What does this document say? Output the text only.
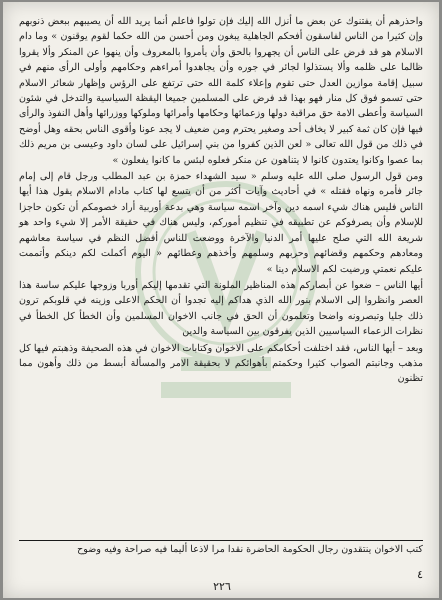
واحذرهم أن يفتنوك عن بعض ما أنزل الله إليك فإن تولوا فاعلم أنما يريد الله أن يصيبهم ببعض ذنوبهم وإن كثيرا من الناس لفاسقون أفحكم الجاهلية يبغون ومن أحسن من الله حكما لقوم يوقنون » وما دام الاسلام هو قد فرض على الناس أن يجهروا بالحق وأن يأمروا بالمعروف وأن ينهوا عن المنكر وألا يقروا ظالما على ظلمه وألا يستذلوا لجائر في جوره وأن يجاهدوا أمراءهم وحكامهم وأولى الرأى منهم في سبيل إقامة موازين العدل حتى تقوم وإعلاء كلمة الله حتى ترتفع على الرؤس وإظهار شعائر الاسلام حتى تسمو فوق كل منار فهو بهذا قد فرض على المسلمين جميعا اليقظة السياسية والتدخل في شئون السياسة وأعطى الامة حق مراقبة دولها وزعمائها وحكامها وأمرائها وملوكها ووزرائها وأهل النفوذ والرأى فيها فإن كان ثمة كبير لا يخاف أحد وصغير يحترم ومن ضعيف لا يجد عونا وأقوى الناس بحقه وهل أوضح في ذلك من قول الله تعالى « لعن الذين كفروا من بني إسرائيل على لسان داود وعيسى بن مريم ذلك بما عصوا وكانوا يعتدون كانوا لا يتناهون عن منكر فعلوه لبئس ما كانوا يفعلون »

ومن قول الرسول صلى الله عليه وسلم « سيد الشهداء حمزة بن عبد المطلب ورجل قام إلى إمام جائر فأمره ونهاه فقتله » في أحاديث وآيات أكثر من أن يتسع لها كتاب مادام الاسلام يقول هذا أيها الناس فليس هناك شيء اسمه دين وآخر اسمه سياسة وهي بدعة أوربية أراد خصومكم أن تكون حاجزا للإسلام وأن يصرفوكم عن تطبيقه في تنظيم أموركم، وليس هناك في حقيقة الأمر إلا شيء واحد هو شريعة الله التي صلح عليها أمر الدنيا والآخرة ووضعت للناس أفضل النظم في سياسة معاشهم ومعادهم وحكمهم وقضائهم وحربهم وسلمهم وأخذهم وعطائهم « اليوم أكملت لكم دينكم وأتممت عليكم نعمتي ورضيت لكم الاسلام دينا »

أيها الناس – ضعوا عن أبصاركم هذه المناظير الملونة التي تقدمها إليكم أوربا وزوجها عليكم ساسة هذا العصر وانظروا إلى الاسلام بنور الله الذي هداكم إليه تجدوا أن الحكم الاعلى وزينه في قلوبكم ترون ذلك جليا وتبصرونه واضحا وتعلمون أن الحق في جانب الاخوان المسلمين وأن الخطأ كل الخطأ في نظرات الزعماء السياسيين الذين يفرقون بين السياسة والدين

وبعد – أيها الناس، فقد اختلفت أحكامكم على الاخوان وكتابات الاخوان في هذه الصحيفة وذهبتم فيها كل مذهب وجانبتم الصواب كثيرا وحكمتم بأهوائكم لا بحقيقة الامر والمسألة أبسط من ذلك وأهون مما تظنون

كتب الاخوان ينتقدون رجال الحكومة الحاضرة نقدا مرا لاذعا أليما فيه صراحة وفيه وضوح
٤
٢٢٦
